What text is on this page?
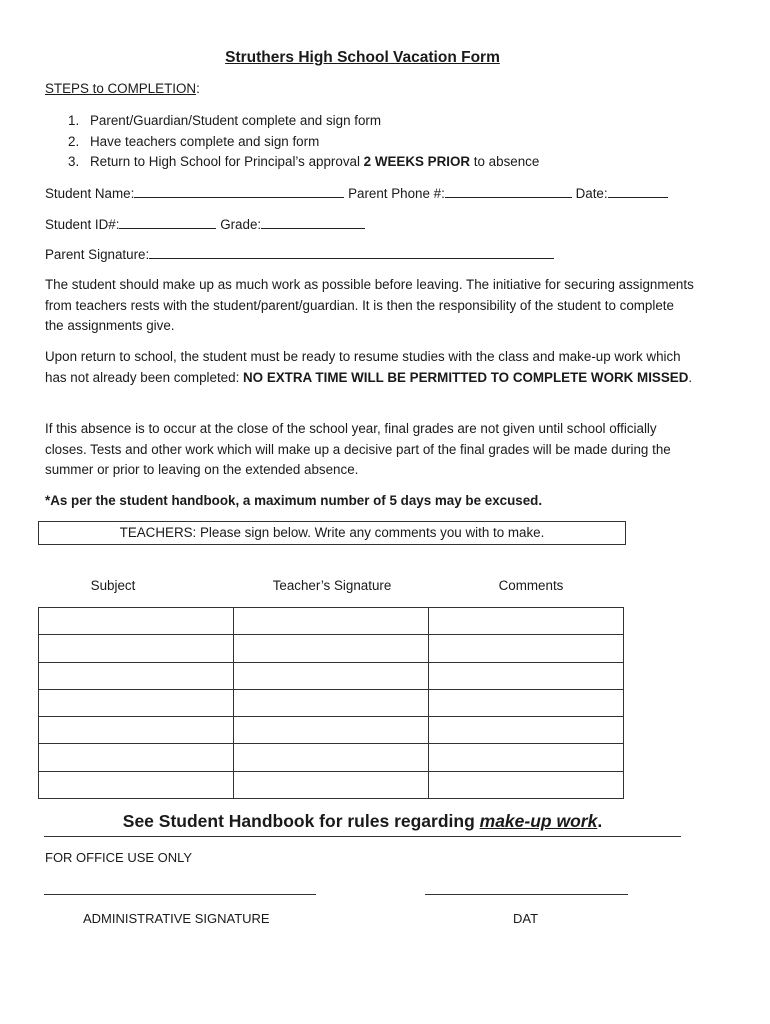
Struthers High School Vacation Form
STEPS to COMPLETION:
1. Parent/Guardian/Student complete and sign form
2. Have teachers complete and sign form
3. Return to High School for Principal’s approval 2 WEEKS PRIOR to absence
Student Name:	Parent Phone #:	Date:
Student ID#:	Grade:
Parent Signature:
The student should make up as much work as possible before leaving. The initiative for securing assignments from teachers rests with the student/parent/guardian. It is then the responsibility of the student to complete the assignments give.
Upon return to school, the student must be ready to resume studies with the class and make-up work which has not already been completed: NO EXTRA TIME WILL BE PERMITTED TO COMPLETE WORK MISSED.
If this absence is to occur at the close of the school year, final grades are not given until school officially closes. Tests and other work which will make up a decisive part of the final grades will be made during the summer or prior to leaving on the extended absence.
*As per the student handbook, a maximum number of 5 days may be excused.
TEACHERS: Please sign below. Write any comments you with to make.
Subject	Teacher’s Signature	Comments

See Student Handbook for rules regarding make-up work.
FOR OFFICE USE ONLY
ADMINISTRATIVE SIGNATURE	DAT
